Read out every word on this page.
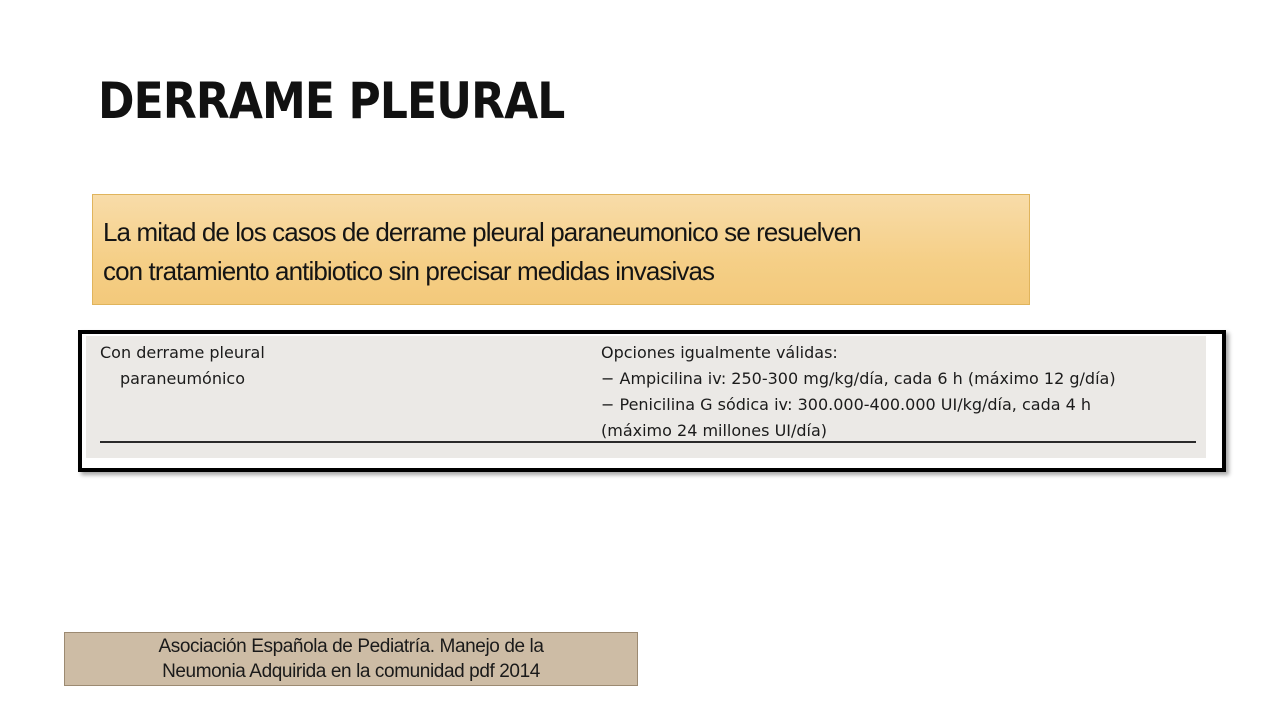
DERRAME PLEURAL

La mitad de los casos de derrame pleural paraneumonico se resuelven
con tratamiento antibiotico sin precisar medidas invasivas

Con derrame pleural
paraneumónico
Opciones igualmente válidas:
− Ampicilina iv: 250-300 mg/kg/día, cada 6 h (máximo 12 g/día)
− Penicilina G sódica iv: 300.000-400.000 UI/kg/día, cada 4 h
(máximo 24 millones UI/día)

Asociación Española de Pediatría. Manejo de la

Neumonia Adquirida en la comunidad pdf 2014
